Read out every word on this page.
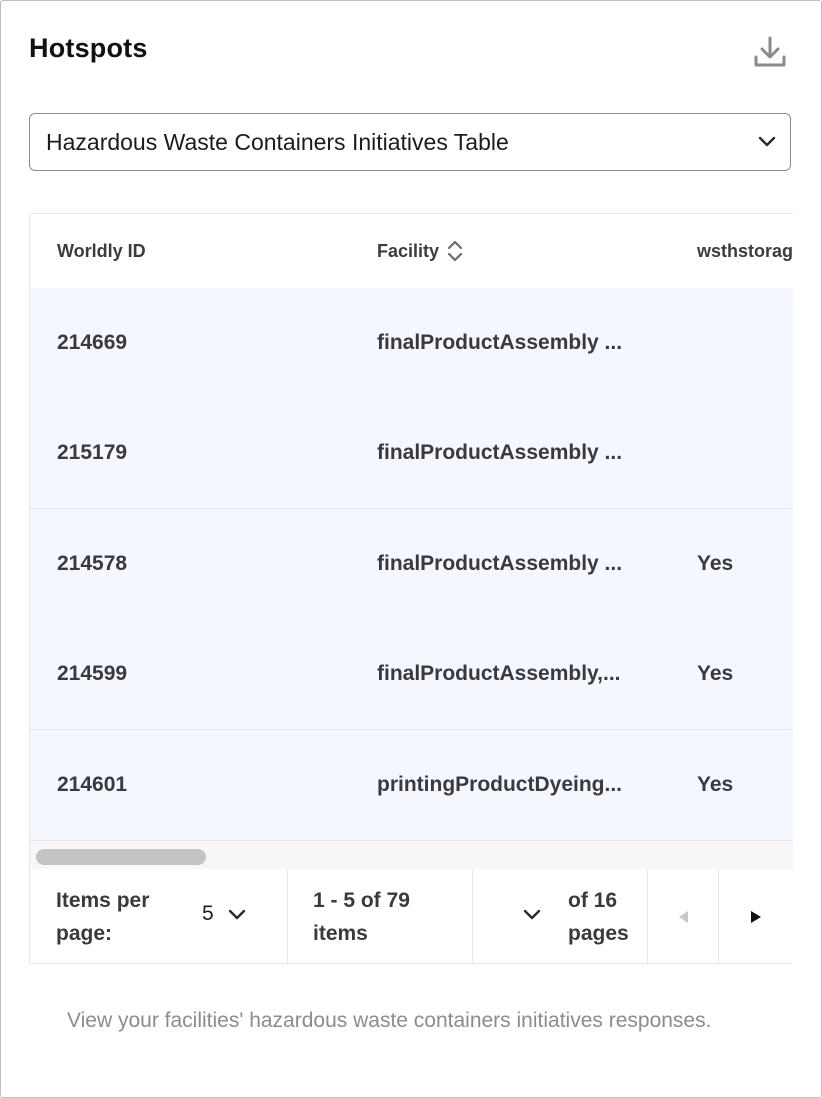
Hotspots
Hazardous Waste Containers Initiatives Table
Worldly ID	Facility	wsthstorag
214669	finalProductAssembly ...
215179	finalProductAssembly ...
214578	finalProductAssembly ...	Yes
214599	finalProductAssembly,...	Yes
214601	printingProductDyeing...	Yes
Items per
page:
5
1 - 5 of 79
items
of 16
pages
View your facilities' hazardous waste containers initiatives responses.
